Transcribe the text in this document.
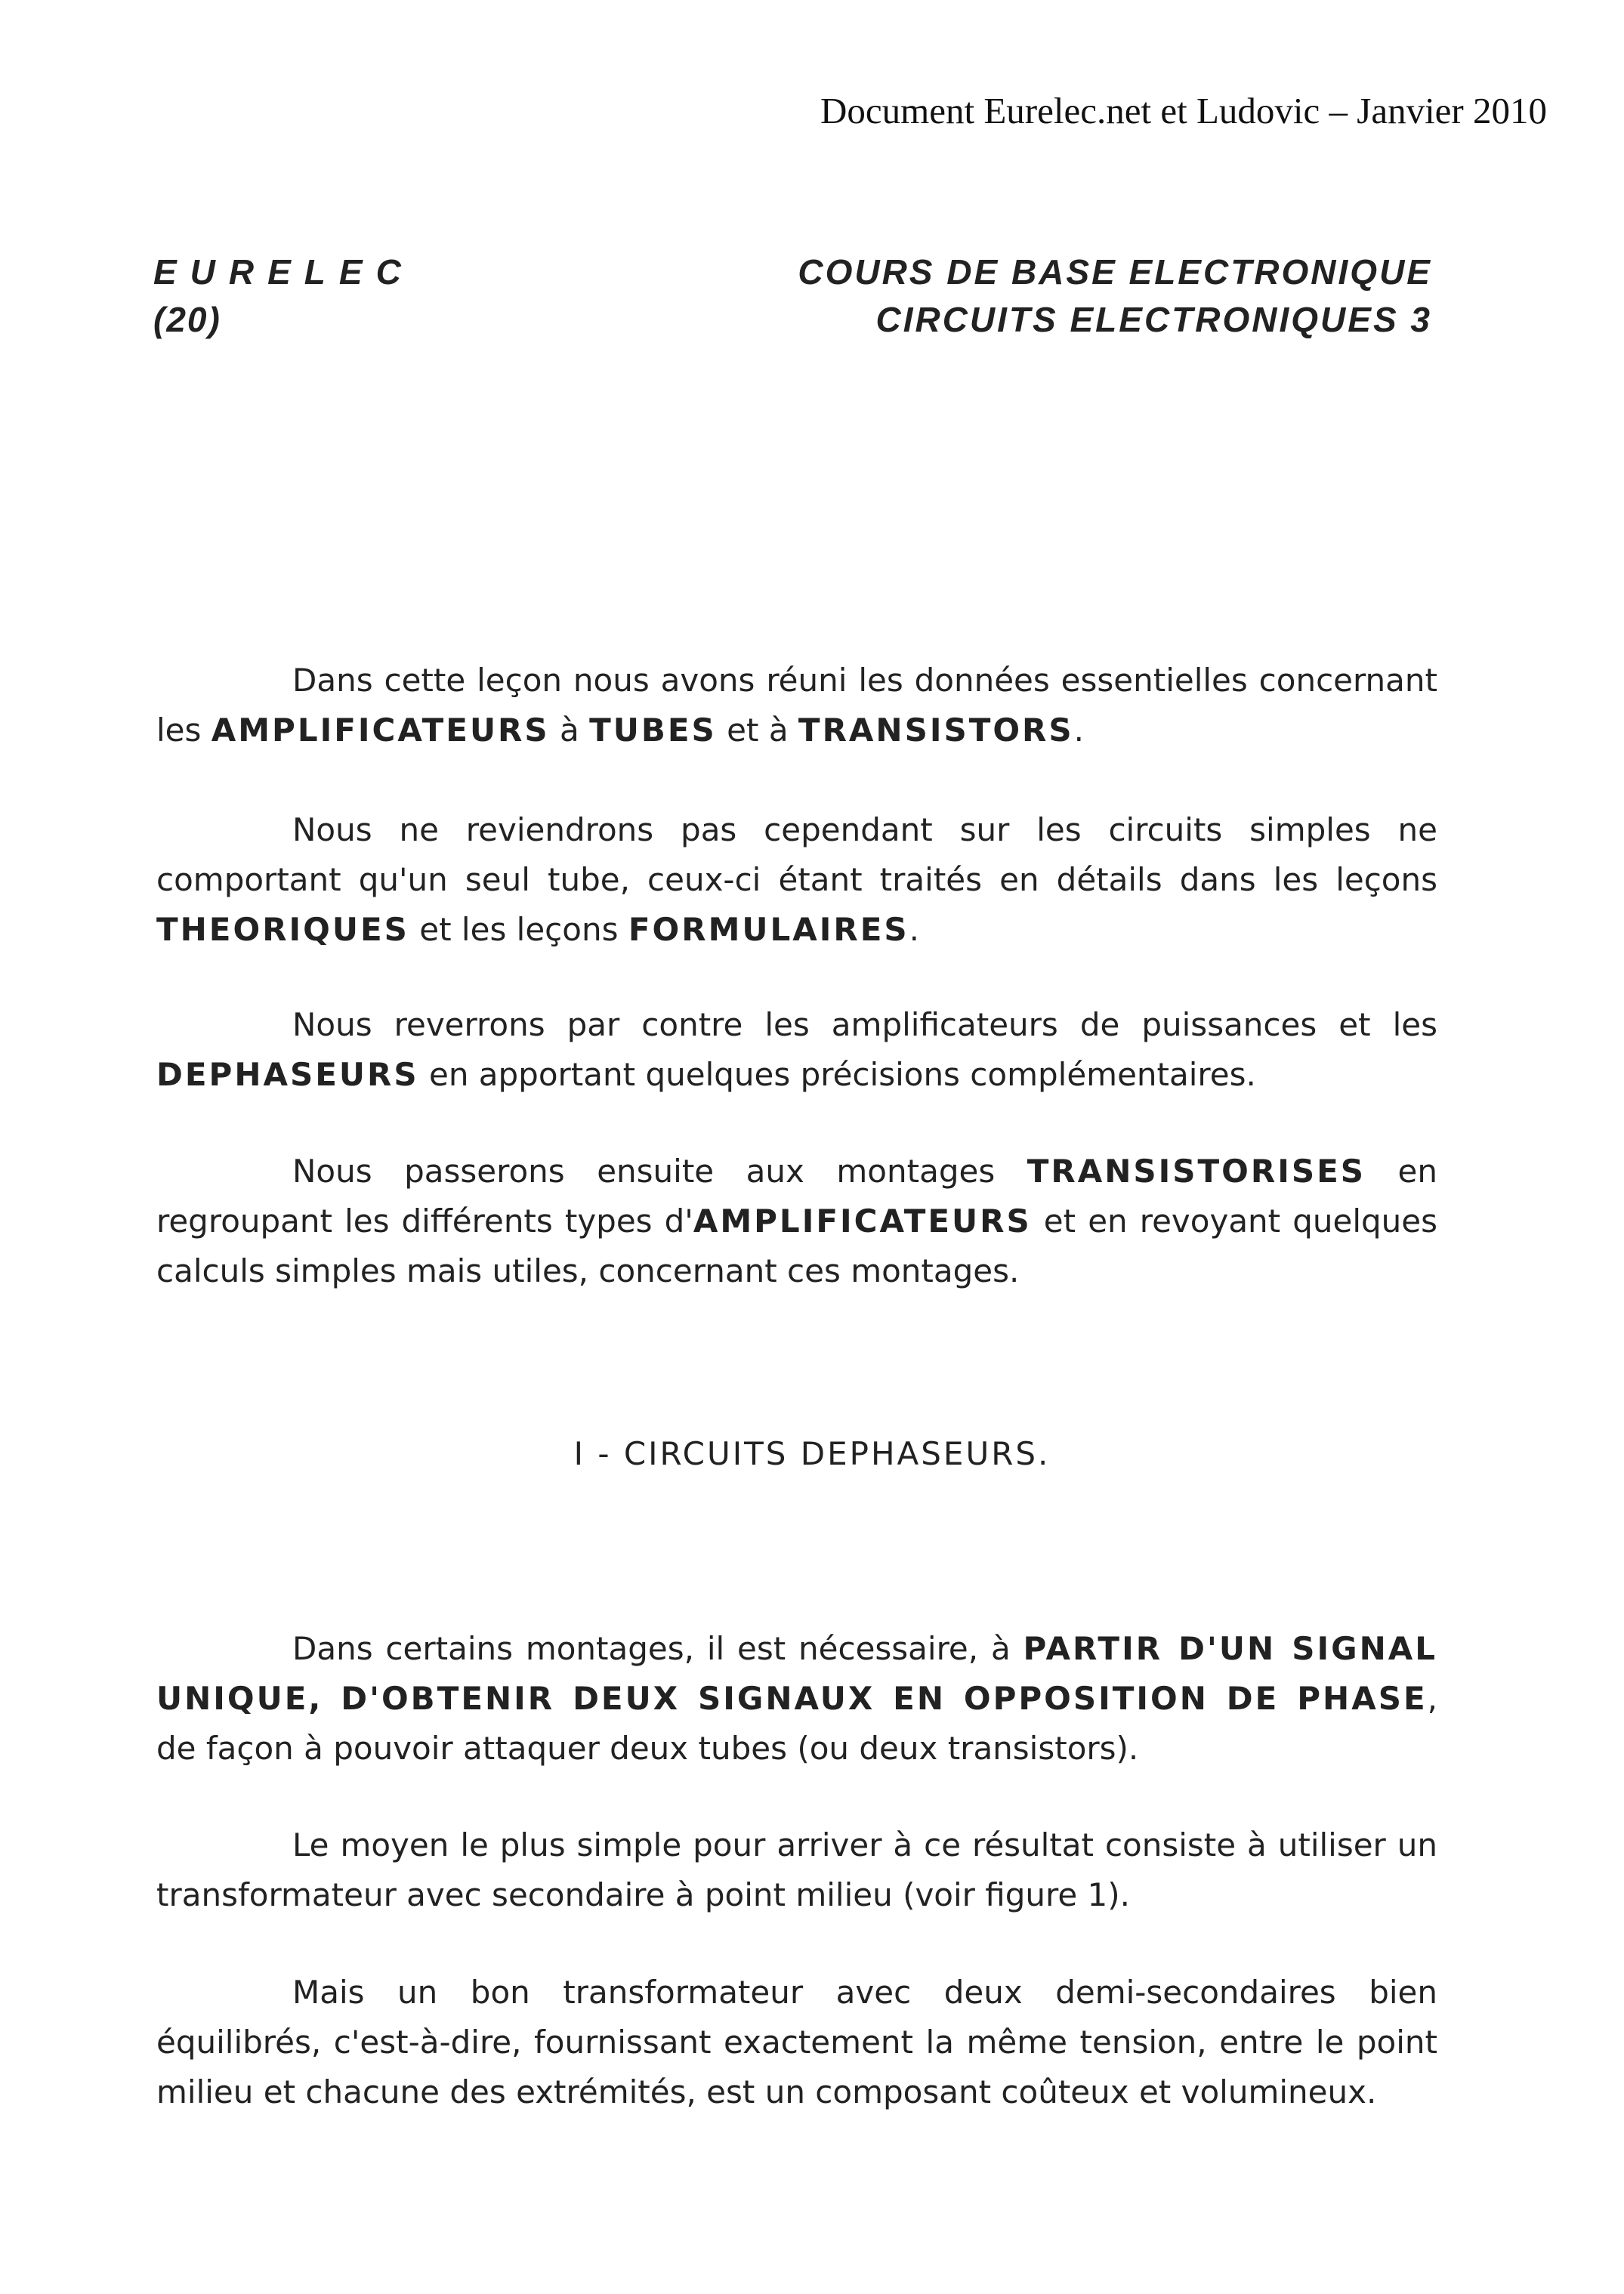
Document Eurelec.net et Ludovic – Janvier 2010
EURELEC
(20)
COURS DE BASE ELECTRONIQUE
CIRCUITS ELECTRONIQUES 3

Dans cette leçon nous avons réuni les données essentielles concernant les AMPLIFICATEURS à TUBES et à TRANSISTORS.

Nous ne reviendrons pas cependant sur les circuits simples ne comportant qu'un seul tube, ceux-ci étant traités en détails dans les leçons THEORIQUES et les leçons FORMULAIRES.

Nous reverrons par contre les amplificateurs de puissances et les DEPHASEURS en apportant quelques précisions complémentaires.

Nous passerons ensuite aux montages TRANSISTORISES en regroupant les différents types d'AMPLIFICATEURS et en revoyant quelques calculs simples mais utiles, concernant ces montages.

I - CIRCUITS DEPHASEURS.

Dans certains montages, il est nécessaire, à PARTIR D'UN SIGNAL UNIQUE, D'OBTENIR DEUX SIGNAUX EN OPPOSITION DE PHASE, de façon à pouvoir attaquer deux tubes (ou deux transistors).

Le moyen le plus simple pour arriver à ce résultat consiste à utiliser un transformateur avec secondaire à point milieu (voir figure 1).

Mais un bon transformateur avec deux demi-secondaires bien équilibrés, c'est-à-dire, fournissant exactement la même tension, entre le point milieu et chacune des extrémités, est un composant coûteux et volumineux.
